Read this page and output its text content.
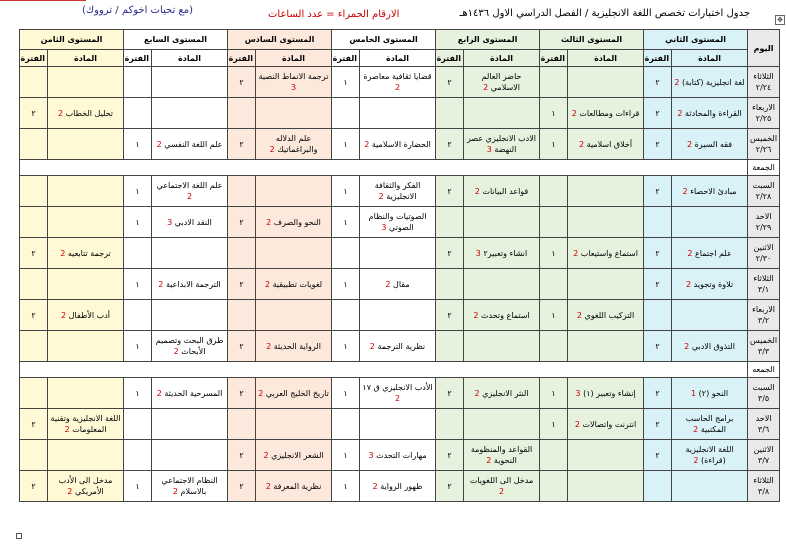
جدول اختبارات تخصص اللغة الانجليزية / الفصل الدراسي الاول ١٤٣٦هـ
الارقام الحمراء = عدد الساعات
(مع تحيات اخوكم / ترووك)
✥
اليوم	المستوى الثاني		المستوى الثالث		المستوى الرابع		المستوى الخامس		المستوى السادس		المستوى السابع		المستوى الثامن	
	المادة	الفترة	المادة	الفترة	المادة	الفترة	المادة	الفترة	المادة	الفترة	المادة	الفترة	المادة	الفترة
الثلاثاء ٢/٢٤	لغة انجليزية (كتابة) 2	٢			حاضر العالم الاسلامي 2	٢	قضايا ثقافية معاصرة 2	١	ترجمة الانماط النصية 3	٢				
الاربعاء ٢/٢٥	القراءة والمحادثة 2	٢	قراءات ومطالعات 2	١									تحليل الخطاب 2	٢
الخميس ٢/٢٦	فقه السيرة 2	٢	أخلاق اسلامية 2	١	الادب الانجليزي عصر النهضة 3	٢	الحضارة الاسلامية 2	١	علم الدلاله والبراغماتيك 2	٢	علم اللغة النفسي 2	١		
الجمعة														
السبت ٢/٢٨	مبادئ الاحصاء 2	٢			قواعد البيانات 2	٢	الفكر والثقافة الانجليزية 2	١			علم اللغة الاجتماعي 2	١		
الاحد ٢/٢٩							الصوتيات والنظام الصوتي 3	١	النحو والصرف 2	٢	النقد الادبي 3	١		
الاثنين ٢/٣٠	علم اجتماع 2	٢	استماع واستيعاب 2	١	انشاء وتعبير٢ 3	٢							ترجمة تتابعيه 2	٢
الثلاثاء ٣/١	تلاوة وتجويد 2	٢					مقال 2	١	لغويات تطبيقية 2	٢	الترجمة الابداعية 2	١		
الاربعاء ٣/٢			التركيب اللغوي 2	١	استماع وتحدث 2	٢							أدب الأطفال 2	٢
الخميس ٣/٣	التذوق الادبي 2	٢					نظرية الترجمة 2	١	الرواية الحديثة 2	٢	طرق البحث وتصميم الأبحاث 2	١		
الجمعه														
السبت ٣/٥	النحو (٢) 1	٢	إنشاء وتعبير (١) 3	١	النثر الانجليزي 2	٢	الأدب الانجليزي ق ١٧ 2	١	تاريخ الخليج العربي 2	٢	المسرحية الحديثة 2	١		
الاحد ٣/٦	برامج الحاسب المكتبية 2	٢	انترنت واتصالات 2	١									اللغة الانجليزية وتقنية المعلومات 2	٢
الاثنين ٣/٧	اللغة الانجليزية (قراءة) 2	٢			القواعد والمنظومة النحوية 2	٢	مهارات التحدث 3	١	الشعر الانجليزي 2	٢				
الثلاثاء ٣/٨					مدخل الى اللغويات 2	٢	ظهور الرواية 2	١	نظرية المعرفة 2	٢	النظام الاجتماعي بالاسلام 2	١	مدخل الى الأدب الأمريكي 2	٢
